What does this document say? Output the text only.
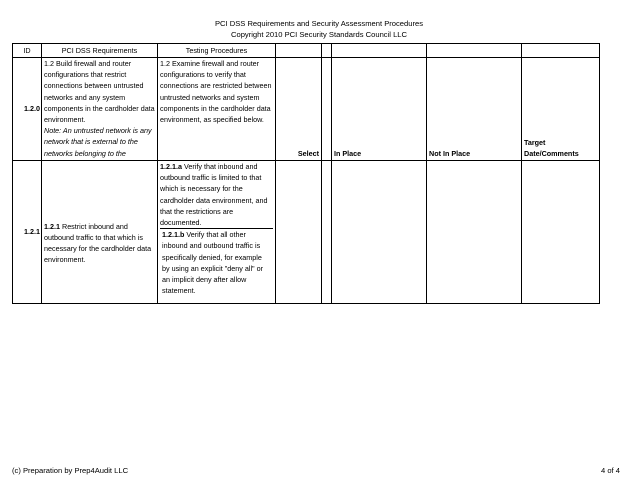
PCI DSS Requirements and Security Assessment Procedures
Copyright 2010 PCI Security Standards Council LLC
ID	PCI DSS Requirements	Testing Procedures					
1.2.0	1.2 Build firewall and router configurations that restrict connections between untrusted networks and any system components in the cardholder data environment.

Note: An untrusted network is any network that is external to the networks belonging to the	1.2 Examine firewall and router configurations to verify that connections are restricted between untrusted networks and system components in the cardholder data environment, as specified below.	Select		In Place	Not In Place	Target Date/Comments
1.2.1	1.2.1 Restrict inbound and outbound traffic to that which is necessary for the cardholder data environment.	1.2.1.a Verify that inbound and outbound traffic is limited to that which is necessary for the cardholder data environment, and that the restrictions are documented.

1.2.1.b Verify that all other inbound and outbound traffic is specifically denied, for example by using an explicit "deny all" or an implicit deny after allow statement.					

(c) Preparation by Prep4Audit LLC	4 of 4
